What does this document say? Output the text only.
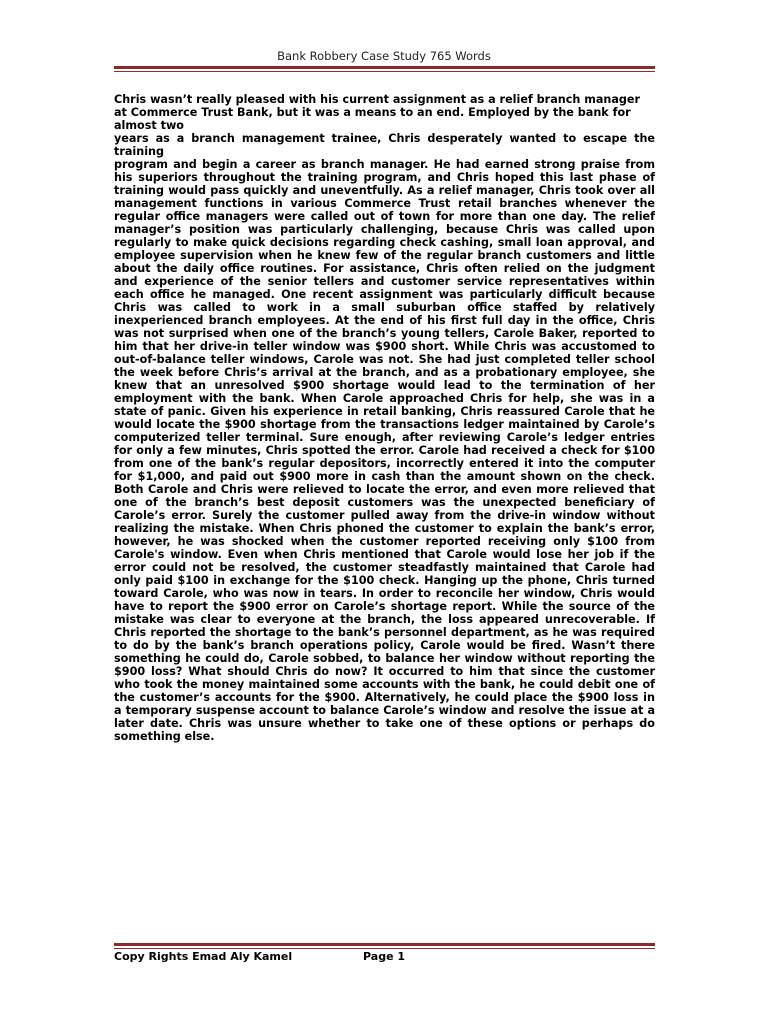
Bank Robbery Case Study 765 Words

Chris wasn’t really pleased with his current assignment as a relief branch manager at Commerce Trust Bank, but it was a means to an end. Employed by the bank for almost two

years as a branch management trainee, Chris desperately wanted to escape the training

program and begin a career as branch manager. He had earned strong praise from his superiors throughout the training program, and Chris hoped this last phase of training would pass quickly and uneventfully. As a relief manager, Chris took over all management functions in various Commerce Trust retail branches whenever the regular office managers were called out of town for more than one day. The relief manager’s position was particularly challenging, because Chris was called upon regularly to make quick decisions regarding check cashing, small loan approval, and employee supervision when he knew few of the regular branch customers and little about the daily office routines. For assistance, Chris often relied on the judgment and experience of the senior tellers and customer service representatives within each office he managed. One recent assignment was particularly difficult because Chris was called to work in a small suburban office staffed by relatively inexperienced branch employees. At the end of his first full day in the office, Chris was not surprised when one of the branch’s young tellers, Carole Baker, reported to him that her drive-in teller window was $900 short. While Chris was accustomed to out-of-balance teller windows, Carole was not. She had just completed teller school the week before Chris’s arrival at the branch, and as a probationary employee, she knew that an unresolved $900 shortage would lead to the termination of her employment with the bank. When Carole approached Chris for help, she was in a state of panic. Given his experience in retail banking, Chris reassured Carole that he would locate the $900 shortage from the transactions ledger maintained by Carole’s computerized teller terminal. Sure enough, after reviewing Carole’s ledger entries for only a few minutes, Chris spotted the error. Carole had received a check for $100 from one of the bank’s regular depositors, incorrectly entered it into the computer for $1,000, and paid out $900 more in cash than the amount shown on the check. Both Carole and Chris were relieved to locate the error, and even more relieved that one of the branch’s best deposit customers was the unexpected beneficiary of Carole’s error. Surely the customer pulled away from the drive-in window without realizing the mistake. When Chris phoned the customer to explain the bank’s error, however, he was shocked when the customer reported receiving only $100 from Carole's window. Even when Chris mentioned that Carole would lose her job if the error could not be resolved, the customer steadfastly maintained that Carole had only paid $100 in exchange for the $100 check. Hanging up the phone, Chris turned toward Carole, who was now in tears. In order to reconcile her window, Chris would have to report the $900 error on Carole’s shortage report. While the source of the mistake was clear to everyone at the branch, the loss appeared unrecoverable. If Chris reported the shortage to the bank’s personnel department, as he was required to do by the bank’s branch operations policy, Carole would be fired. Wasn’t there something he could do, Carole sobbed, to balance her window without reporting the $900 loss? What should Chris do now? It occurred to him that since the customer who took the money maintained some accounts with the bank, he could debit one of the customer’s accounts for the $900. Alternatively, he could place the $900 loss in a temporary suspense account to balance Carole’s window and resolve the issue at a later date. Chris was unsure whether to take one of these options or perhaps do something else.

Copy Rights Emad Aly Kamel	Page 1
